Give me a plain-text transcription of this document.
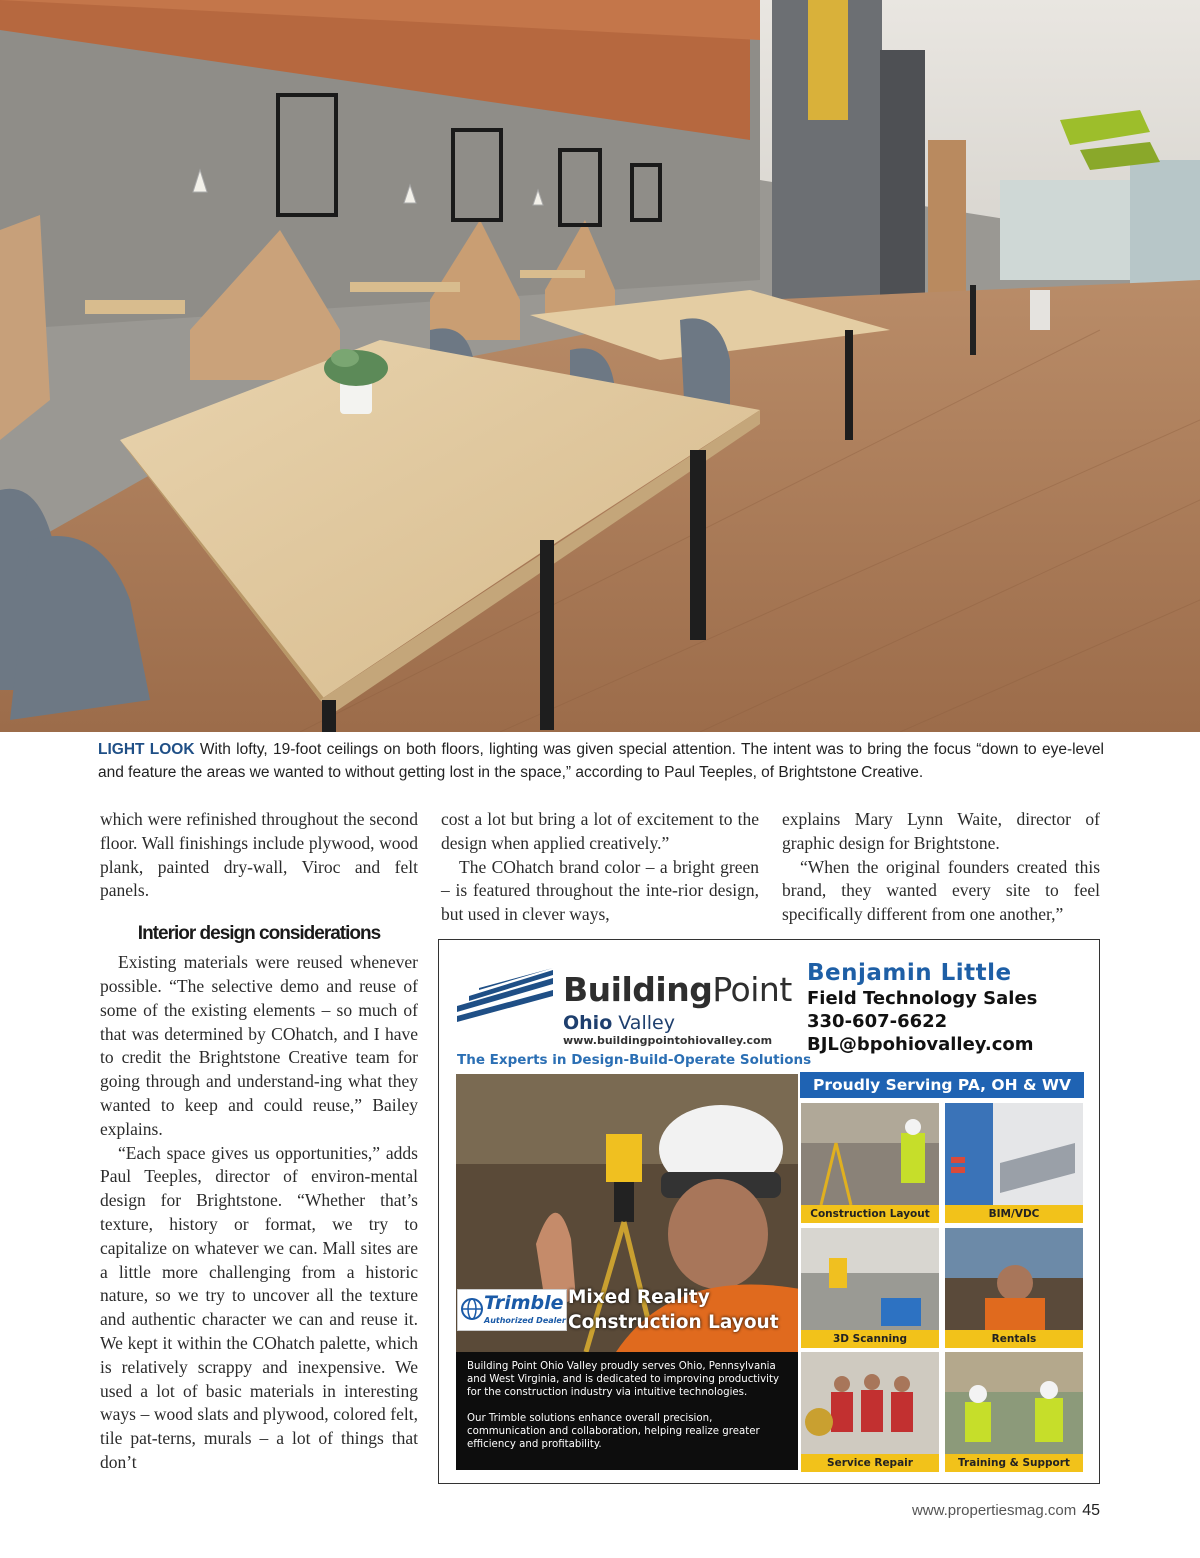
LIGHT LOOK With lofty, 19-foot ceilings on both floors, lighting was given special attention. The intent was to bring the focus “down to eye-level and feature the areas we wanted to without getting lost in the space,” according to Paul Teeples, of Brightstone Creative.

which were refinished throughout the second floor. Wall finishings include plywood, wood plank, painted dry-wall, Viroc and felt panels.

Interior design considerations

Existing materials were reused whenever possible. “The selective demo and reuse of some of the existing elements – so much of that was determined by COhatch, and I have to credit the Brightstone Creative team for going through and understand-ing what they wanted to keep and could reuse,” Bailey explains.

“Each space gives us opportunities,” adds Paul Teeples, director of environ-mental design for Brightstone. “Whether that’s texture, history or format, we try to capitalize on whatever we can. Mall sites are a little more challenging from a historic nature, so we try to uncover all the texture and authentic character we can and reuse it. We kept it within the COhatch palette, which is relatively scrappy and inexpensive. We used a lot of basic materials in interesting ways – wood slats and plywood, colored felt, tile pat-terns, murals – a lot of things that don’t

cost a lot but bring a lot of excitement to the design when applied creatively.”

The COhatch brand color – a bright green – is featured throughout the inte-rior design, but used in clever ways,

explains Mary Lynn Waite, director of graphic design for Brightstone.

“When the original founders created this brand, they wanted every site to feel specifically different from one another,”

BuildingPoint
Ohio Valley
www.buildingpointohiovalley.com
The Experts in Design-Build-Operate Solutions
Benjamin Little
Field Technology Sales
330-607-6622
BJL@bpohiovalley.com
Proudly Serving PA, OH & WV
Trimble
Authorized Dealer
Mixed Reality
Construction Layout

Building Point Ohio Valley proudly serves Ohio, Pennsylvania and West Virginia, and is dedicated to improving productivity for the construction industry via intuitive technologies.

Our Trimble solutions enhance overall precision, communication and collaboration, helping realize greater efficiency and profitability.

Construction Layout	BIM/VDC
3D Scanning	Rentals
Service Repair	Training & Support
www.propertiesmag.com 45
